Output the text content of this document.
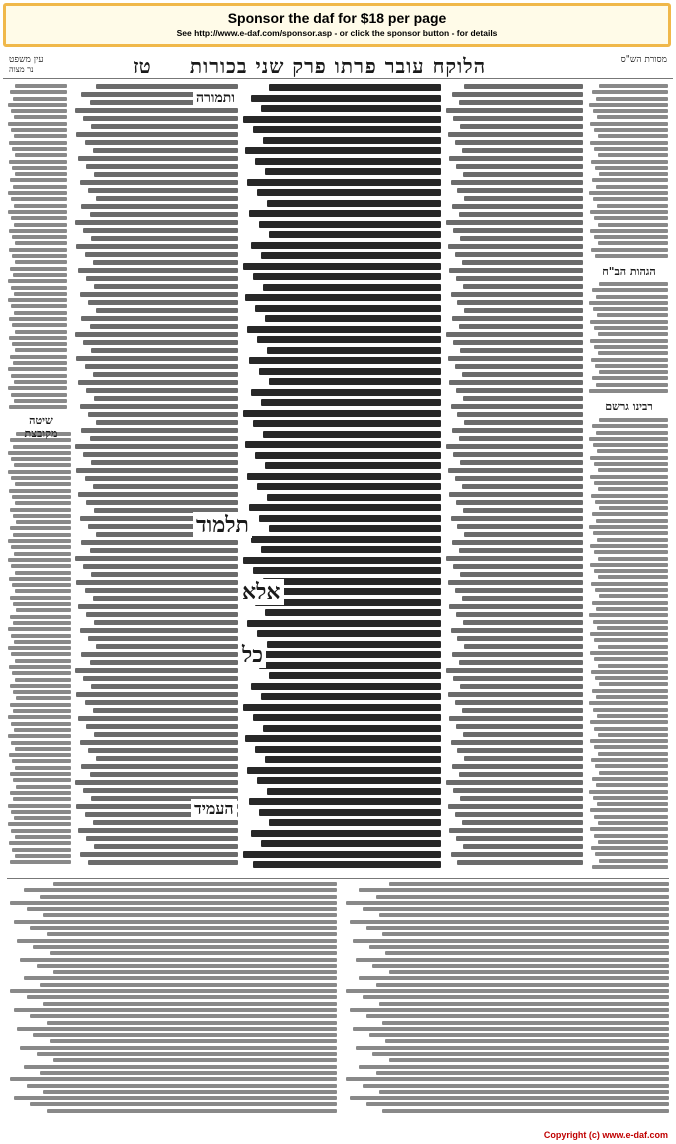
Sponsor the daf for $18 per page
See http://www.e-daf.com/sponsor.asp - or click the sponsor button - for details
עין משפט
נר מצוה	טז	הלוקח עובר פרתו פרק שני בכורות	מסורת הש"ס
שיטה
ותמורה
תלמוד
אלא
כל
העמיד
הגהות הב"ח
רבינו גרשם
Copyright (c) www.e-daf.com
